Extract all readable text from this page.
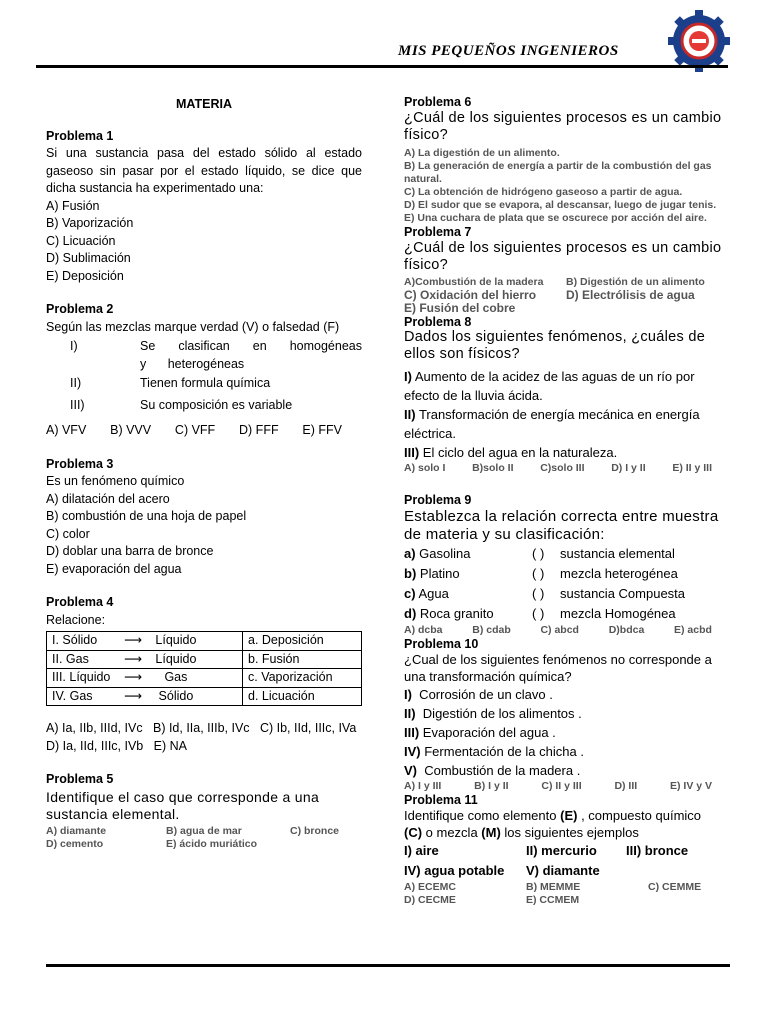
MIS PEQUEÑOS INGENIEROS
MATERIA
Problema 1
Si una sustancia pasa del estado sólido al estado gaseoso sin pasar por el estado líquido, se dice que dicha sustancia ha experimentado una:
A) Fusión
B) Vaporización
C) Licuación
D) Sublimación
E) Deposición
Problema 2
Según las mezclas marque verdad (V) o falsedad (F)
I)	Se clasifican en homogéneas y heterogéneas
II)	Tienen formula química
III)	Su composición es variable
A) VFV B) VVV C) VFF D) FFF E) FFV
Problema 3
Es un fenómeno químico
A) dilatación del acero
B) combustión de una hoja de papel
C) color
D) doblar una barra de bronce
E) evaporación del agua
Problema 4
Relacione:
I. Sólido ⟶ Líquido	a. Deposición
II. Gas ⟶ Líquido	b. Fusión
III. Líquido ⟶ Gas	c. Vaporización
IV. Gas ⟶ Sólido	d. Licuación
A) Ia, IIb, IIId, IVc   B) Id, IIa, IIIb, IVc   C) Ib, IId, IIIc, IVa
D) Ia, IId, IIIc, IVb   E) NA
Problema 5
Identifique el caso que corresponde a una sustancia elemental.
A) diamante	B) agua de mar	C) bronce
D) cemento	E) ácido muriático
Problema 6
¿Cuál de los siguientes procesos es un cambio físico?
A) La digestión de un alimento.
B) La generación de energía a partir de la combustión del gas natural.
C) La obtención de hidrógeno gaseoso a partir de agua.
D) El sudor que se evapora, al descansar, luego de jugar tenis.
E) Una cuchara de plata que se oscurece por acción del aire.
Problema 7
¿Cuál de los siguientes procesos es un cambio físico?
A)Combustión de la madera	B) Digestión de un alimento
C) Oxidación del hierro	D) Electrólisis de agua
E) Fusión del cobre
Problema 8
Dados los siguientes fenómenos, ¿cuáles de ellos son físicos?
I) Aumento de la acidez de las aguas de un río por efecto de la lluvia ácida.
II) Transformación de energía mecánica en energía eléctrica.
III) El ciclo del agua en la naturaleza.
A) solo I	B)solo II	C)solo III	D) I y II	E) II y III
Problema 9
Establezca la relación correcta entre muestra de materia y su clasificación:
a) Gasolina	( )	sustancia elemental
b) Platino	( )	mezcla heterogénea
c) Agua	( )	sustancia Compuesta
d) Roca granito	( )	mezcla Homogénea
A) dcba	B) cdab	C) abcd	D)bdca	E) acbd
Problema 10
¿Cual de los siguientes fenómenos no corresponde a una transformación química?
I)  Corrosión de un clavo .
II)  Digestión de los alimentos .
III) Evaporación del agua .
IV) Fermentación de la chicha .
V)  Combustión de la madera .
A) I y III	B) I y II	C) II y III	D) III	E) IV y V
Problema 11
Identifique como elemento (E) , compuesto químico (C) o mezcla (M) los siguientes ejemplos
I) aire	II) mercurio	III) bronce
IV) agua potable	V) diamante
A) ECEMC	B) MEMME	C) CEMME
D) CECME	E) CCMEM
